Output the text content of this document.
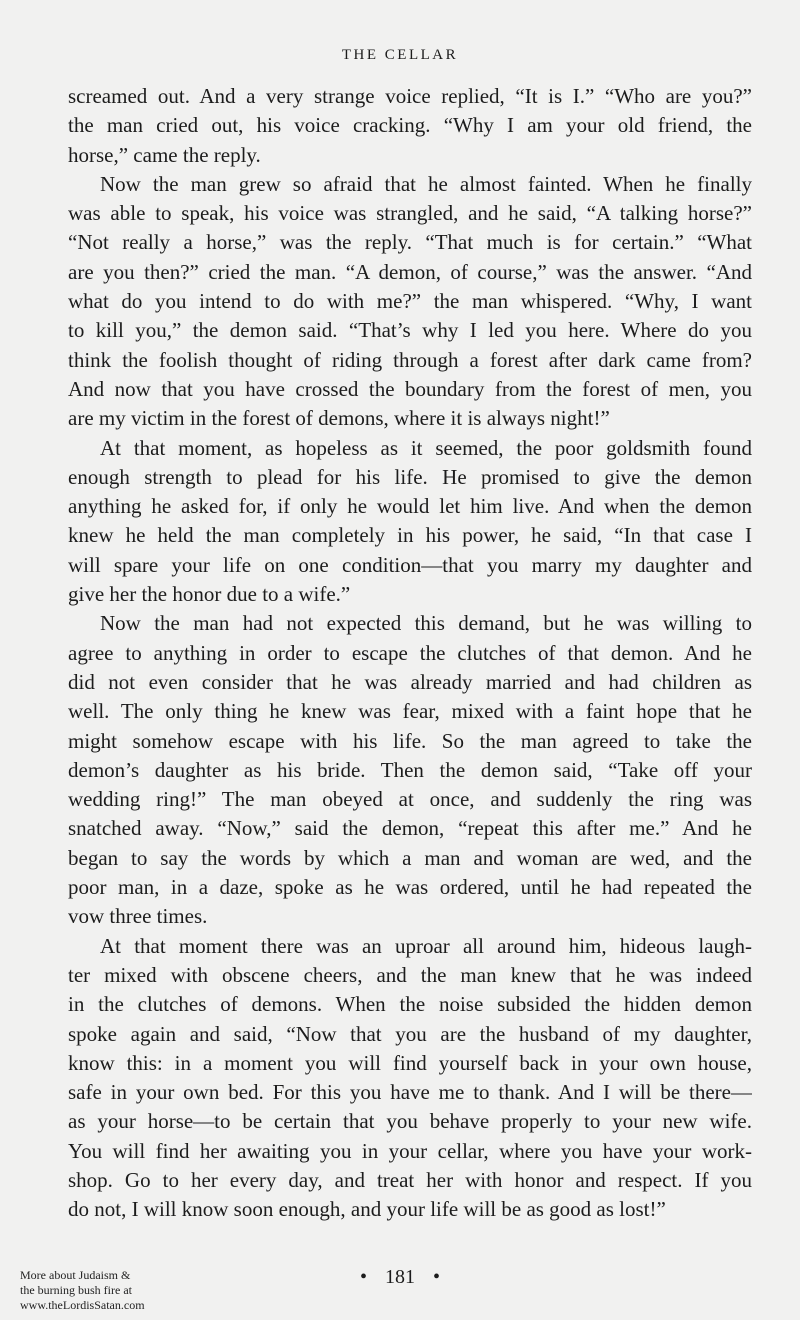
THE CELLAR
screamed out. And a very strange voice replied, “It is I.” “Who are you?”
the man cried out, his voice cracking. “Why I am your old friend, the
horse,” came the reply.
Now the man grew so afraid that he almost fainted. When he finally
was able to speak, his voice was strangled, and he said, “A talking horse?”
“Not really a horse,” was the reply. “That much is for certain.” “What
are you then?” cried the man. “A demon, of course,” was the answer. “And
what do you intend to do with me?” the man whispered. “Why, I want
to kill you,” the demon said. “That’s why I led you here. Where do you
think the foolish thought of riding through a forest after dark came from?
And now that you have crossed the boundary from the forest of men, you
are my victim in the forest of demons, where it is always night!”
At that moment, as hopeless as it seemed, the poor goldsmith found
enough strength to plead for his life. He promised to give the demon
anything he asked for, if only he would let him live. And when the demon
knew he held the man completely in his power, he said, “In that case I
will spare your life on one condition—that you marry my daughter and
give her the honor due to a wife.”
Now the man had not expected this demand, but he was willing to
agree to anything in order to escape the clutches of that demon. And he
did not even consider that he was already married and had children as
well. The only thing he knew was fear, mixed with a faint hope that he
might somehow escape with his life. So the man agreed to take the
demon’s daughter as his bride. Then the demon said, “Take off your
wedding ring!” The man obeyed at once, and suddenly the ring was
snatched away. “Now,” said the demon, “repeat this after me.” And he
began to say the words by which a man and woman are wed, and the
poor man, in a daze, spoke as he was ordered, until he had repeated the
vow three times.
At that moment there was an uproar all around him, hideous laugh-
ter mixed with obscene cheers, and the man knew that he was indeed
in the clutches of demons. When the noise subsided the hidden demon
spoke again and said, “Now that you are the husband of my daughter,
know this: in a moment you will find yourself back in your own house,
safe in your own bed. For this you have me to thank. And I will be there—
as your horse—to be certain that you behave properly to your new wife.
You will find her awaiting you in your cellar, where you have your work-
shop. Go to her every day, and treat her with honor and respect. If you
do not, I will know soon enough, and your life will be as good as lost!”
• 181 •
More about Judaism &
the burning bush fire at
www.theLordisSatan.com
